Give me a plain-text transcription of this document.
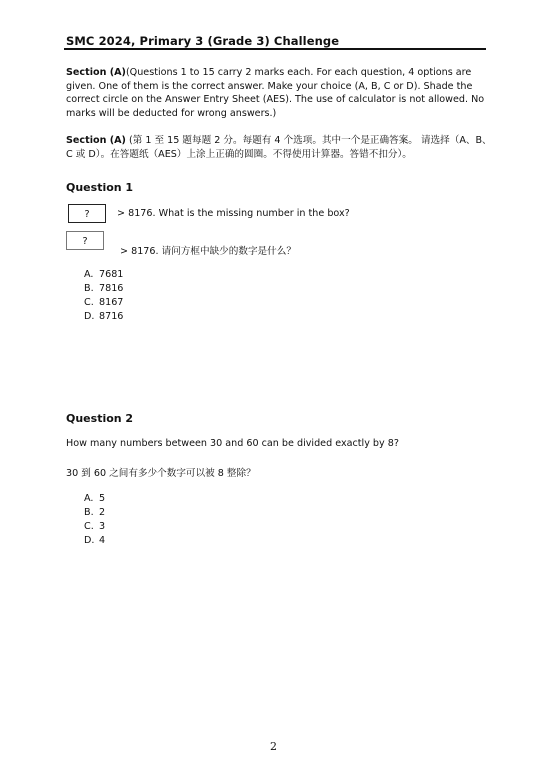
SMC 2024, Primary 3 (Grade 3) Challenge
Section (A)(Questions 1 to 15 carry 2 marks each. For each question, 4 options are given. One of them is the correct answer. Make your choice (A, B, C or D). Shade the correct circle on the Answer Entry Sheet (AES). The use of calculator is not allowed. No marks will be deducted for wrong answers.)
Section (A) (第 1 至 15 题每题 2 分。每题有 4 个选项。其中一个是正确答案。 请选择（A、B、C 或 D）。在答题纸（AES）上涂上正确的圆圈。不得使用计算器。答错不扣分）。
Question 1
?	> 8176. What is the missing number in the box?
?
> 8176. 请问方框中缺少的数字是什么？
A. 7681
B. 7816
C. 8167
D. 8716
Question 2
How many numbers between 30 and 60 can be divided exactly by 8?
30 到 60 之间有多少个数字可以被 8 整除？
A. 5
B. 2
C. 3
D. 4
2
